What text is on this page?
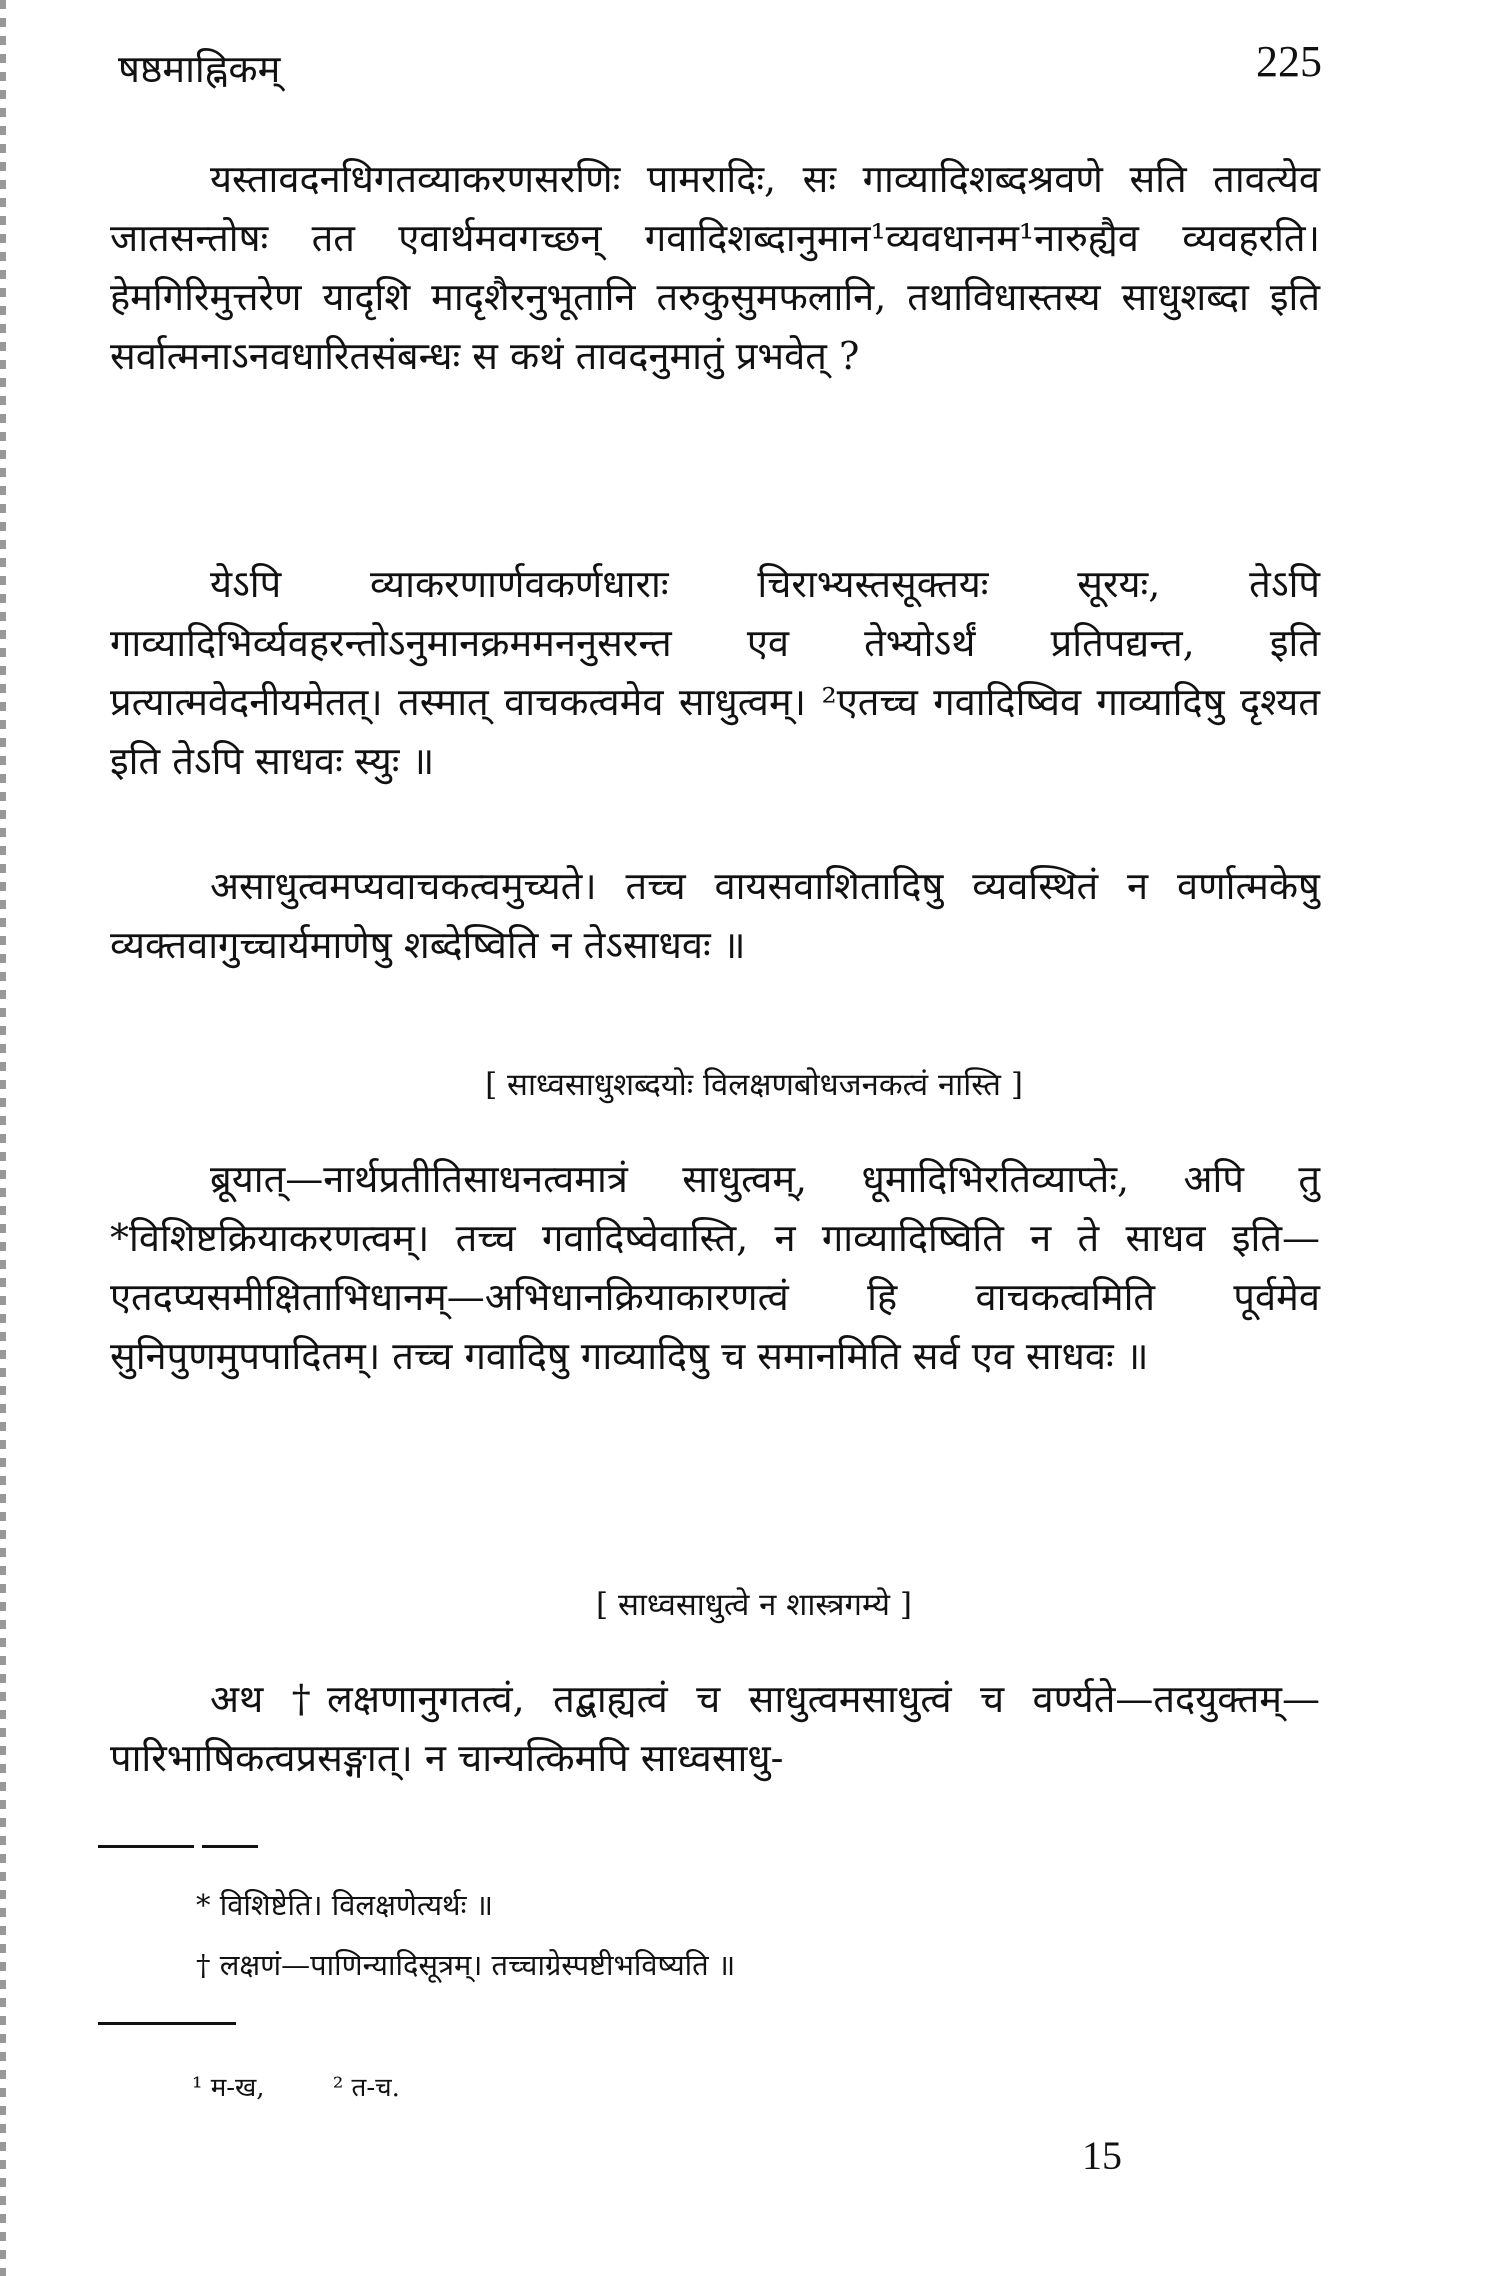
षष्ठमाह्निकम्	225

यस्तावदनधिगतव्याकरणसरणिः पामरादिः, सः गाव्यादिशब्दश्रवणे सति तावत्येव जातसन्तोषः तत एवार्थमवगच्छन् गवादिशब्दानुमान¹व्यवधानम¹नारुह्यैव व्यवहरति। हेमगिरिमुत्तरेण यादृशि मादृशैरनुभूतानि तरुकुसुमफलानि, तथाविधास्तस्य साधुशब्दा इति सर्वात्मनाऽनवधारितसंबन्धः स कथं तावदनुमातुं प्रभवेत् ?

येऽपि व्याकरणार्णवकर्णधाराः चिराभ्यस्तसूक्तयः सूरयः, तेऽपि गाव्यादिभिर्व्यवहरन्तोऽनुमानक्रममननुसरन्त एव तेभ्योऽर्थं प्रतिपद्यन्त, इति प्रत्यात्मवेदनीयमेतत्। तस्मात् वाचकत्वमेव साधुत्वम्। ²एतच्च गवादिष्विव गाव्यादिषु दृश्यत इति तेऽपि साधवः स्युः ॥

असाधुत्वमप्यवाचकत्वमुच्यते। तच्च वायसवाशितादिषु व्यवस्थितं न वर्णात्मकेषु व्यक्तवागुच्चार्यमाणेषु शब्देष्विति न तेऽसाधवः ॥

[ साध्वसाधुशब्दयोः विलक्षणबोधजनकत्वं नास्ति ]

ब्रूयात्—नार्थप्रतीतिसाधनत्वमात्रं साधुत्वम्, धूमादिभिरतिव्याप्तेः, अपि तु *विशिष्टक्रियाकरणत्वम्। तच्च गवादिष्वेवास्ति, न गाव्यादिष्विति न ते साधव इति—एतदप्यसमीक्षिताभिधानम्—अभिधानक्रियाकारणत्वं हि वाचकत्वमिति पूर्वमेव सुनिपुणमुपपादितम्। तच्च गवादिषु गाव्यादिषु च समानमिति सर्व एव साधवः ॥

[ साध्वसाधुत्वे न शास्त्रगम्ये ]

अथ †लक्षणानुगतत्वं, तद्बाह्यत्वं च साधुत्वमसाधुत्वं च वर्ण्यते—तदयुक्तम्—पारिभाषिकत्वप्रसङ्गात्। न चान्यत्किमपि साध्वसाधु-

* विशिष्टेति। विलक्षणेत्यर्थः ॥
† लक्षणं—पाणिन्यादिसूत्रम्। तच्चाग्रेस्पष्टीभविष्यति ॥
¹ म-ख,	² त-च.
15
